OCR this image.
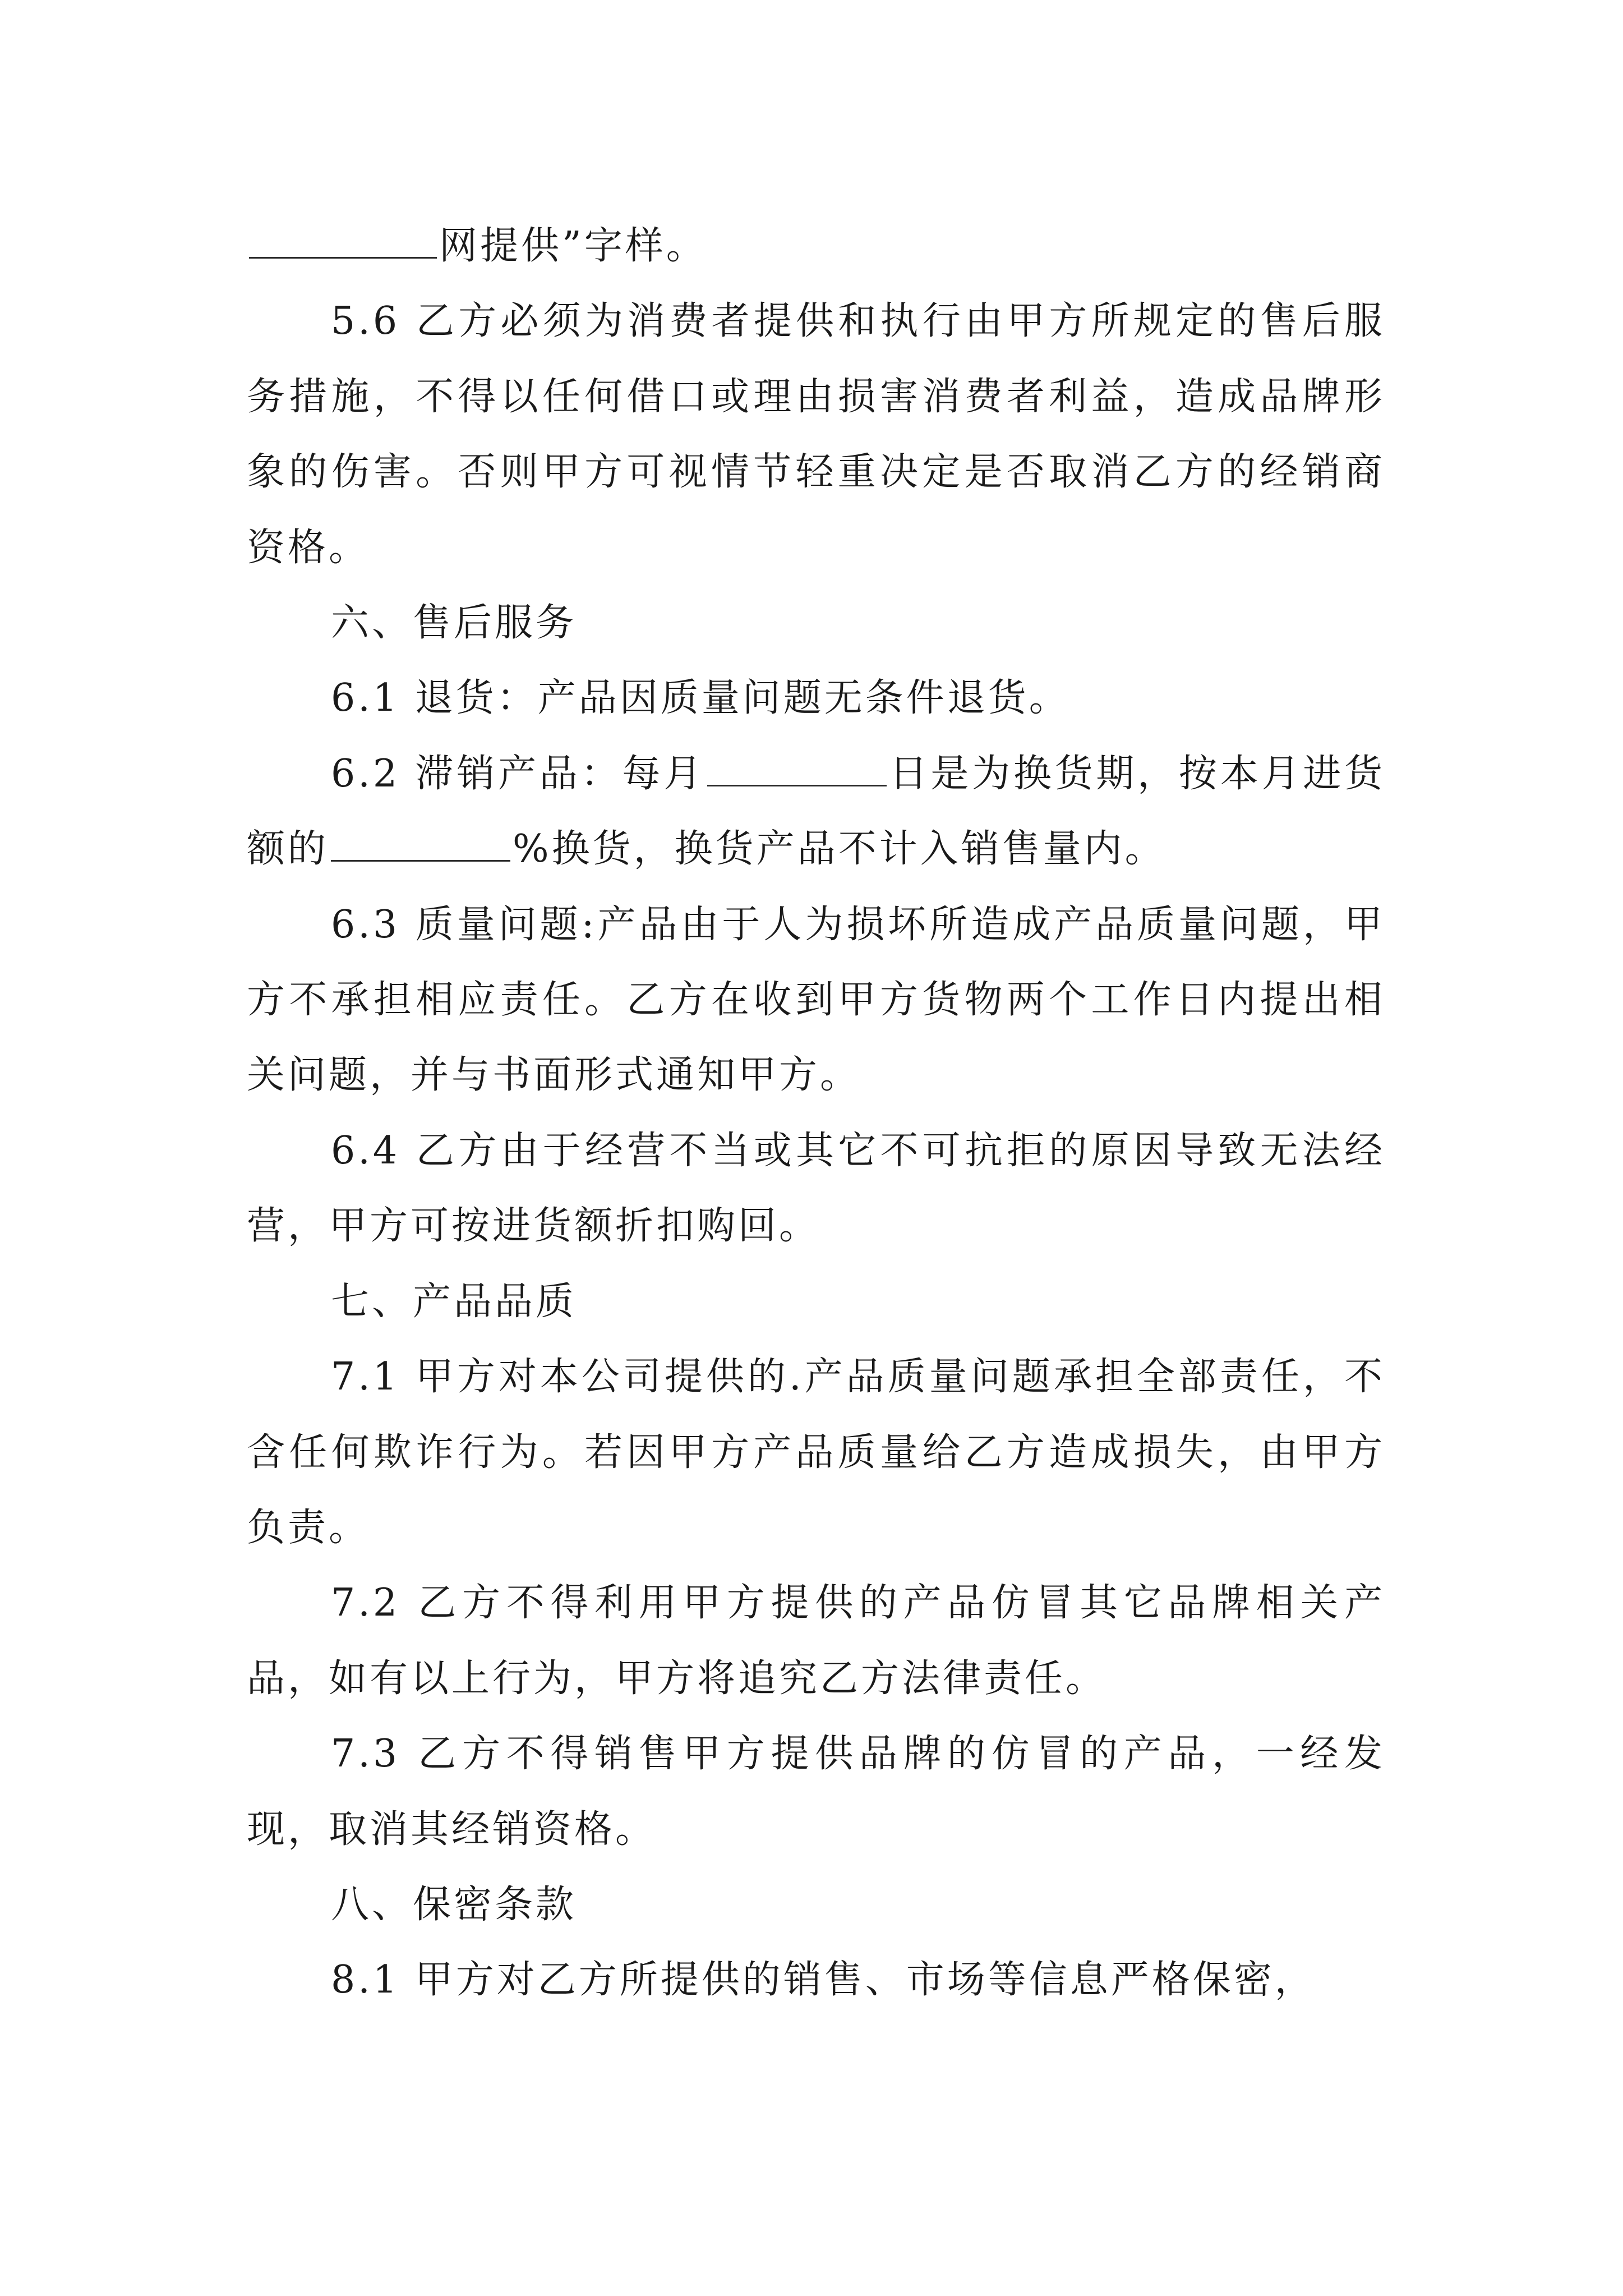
网提供”字样。

5.6 乙方必须为消费者提供和执行由甲方所规定的售后服务措施，不得以任何借口或理由损害消费者利益，造成品牌形象的伤害。否则甲方可视情节轻重决定是否取消乙方的经销商资格。

六、售后服务

6.1 退货：产品因质量问题无条件退货。

6.2 滞销产品：每月	日是为换货期，按本月进货额的	%换货，换货产品不计入销售量内。

6.3 质量问题:产品由于人为损坏所造成产品质量问题，甲方不承担相应责任。乙方在收到甲方货物两个工作日内提出相关问题，并与书面形式通知甲方。

6.4 乙方由于经营不当或其它不可抗拒的原因导致无法经营，甲方可按进货额折扣购回。

七、产品品质

7.1 甲方对本公司提供的.产品质量问题承担全部责任，不含任何欺诈行为。若因甲方产品质量给乙方造成损失，由甲方负责。

7.2 乙方不得利用甲方提供的产品仿冒其它品牌相关产品，如有以上行为，甲方将追究乙方法律责任。

7.3 乙方不得销售甲方提供品牌的仿冒的产品，一经发现，取消其经销资格。

八、保密条款

8.1 甲方对乙方所提供的销售、市场等信息严格保密，
